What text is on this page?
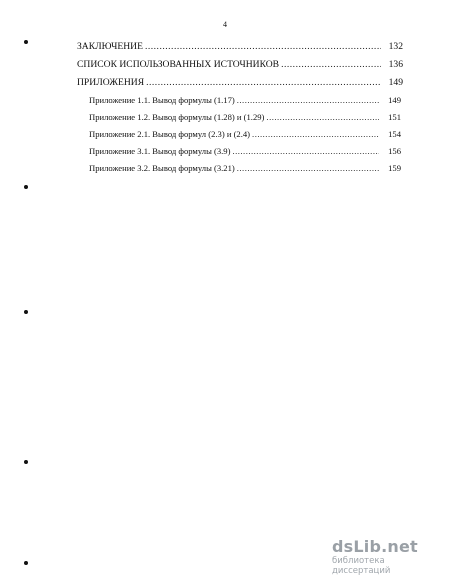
4
ЗАКЛЮЧЕНИЕ .....	132
СПИСОК ИСПОЛЬЗОВАННЫХ ИСТОЧНИКОВ .....	136
ПРИЛОЖЕНИЯ .....	149
Приложение 1.1. Вывод формулы (1.17) .....	149
Приложение 1.2. Вывод формулы (1.28) и (1.29) .....	151
Приложение 2.1. Вывод формул (2.3) и (2.4) .....	154
Приложение 3.1. Вывод формулы (3.9) .....	156
Приложение 3.2. Вывод формулы (3.21) .....	159
dsLib.net
библиотека диссертаций
